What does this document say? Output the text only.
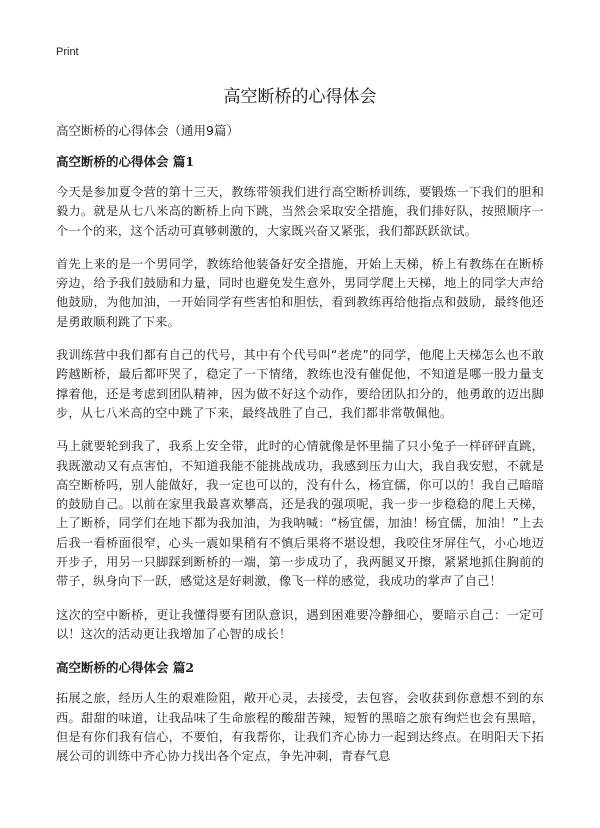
Print
高空断桥的心得体会

高空断桥的心得体会（通用9篇）

高空断桥的心得体会 篇1

今天是参加夏令营的第十三天，教练带领我们进行高空断桥训练，要锻炼一下我们的胆和毅力。就是从七八米高的断桥上向下跳，当然会采取安全措施，我们排好队，按照顺序一个一个的来，这个活动可真够刺激的，大家既兴奋又紧张，我们都跃跃欲试。

首先上来的是一个男同学，教练给他装备好安全措施，开始上天梯，桥上有教练在在断桥旁边，给予我们鼓励和力量，同时也避免发生意外，男同学爬上天梯，地上的同学大声给他鼓励，为他加油，一开始同学有些害怕和胆怯，看到教练再给他指点和鼓励，最终他还是勇敢顺利跳了下来。

我训练营中我们都有自己的代号，其中有个代号叫“老虎”的同学，他爬上天梯怎么也不敢跨越断桥，最后都吓哭了，稳定了一下情绪，教练也没有催促他，不知道是哪一股力量支撑着他，还是考虑到团队精神，因为做不好这个动作，要给团队扣分的，他勇敢的迈出脚步，从七八米高的空中跳了下来，最终战胜了自己，我们都非常敬佩他。

马上就要轮到我了，我系上安全带，此时的心情就像是怀里揣了只小兔子一样砰砰直跳，我既激动又有点害怕，不知道我能不能挑战成功，我感到压力山大，我自我安慰，不就是高空断桥吗，别人能做好，我一定也可以的，没有什么，杨宜儒，你可以的！我自己暗暗的鼓励自己。以前在家里我最喜欢攀高，还是我的强项呢，我一步一步稳稳的爬上天梯，上了断桥，同学们在地下都为我加油，为我呐喊：“杨宜儒，加油！杨宜儒，加油！”上去后我一看桥面很窄，心头一震如果稍有不慎后果将不堪设想，我咬住牙屏住气，小心地迈开步子，用另一只脚踩到断桥的一端，第一步成功了，我两腿叉开擦，紧紧地抓住胸前的带子，纵身向下一跃，感觉这是好刺激，像飞一样的感觉，我成功的掌声了自己！

这次的空中断桥，更让我懂得要有团队意识，遇到困难要冷静细心，要暗示自己：一定可以！这次的活动更让我增加了心智的成长！

高空断桥的心得体会 篇2

拓展之旅，经历人生的艰难险阻，敞开心灵，去接受，去包容，会收获到你意想不到的东西。甜甜的味道，让我品味了生命旅程的酸甜苦辣，短暂的黑暗之旅有绚烂也会有黑暗，但是有你们我有信心，不要怕，有我帮你，让我们齐心协力一起到达终点。在明阳天下拓展公司的训练中齐心协力找出各个定点，争先冲刺，青春气息
